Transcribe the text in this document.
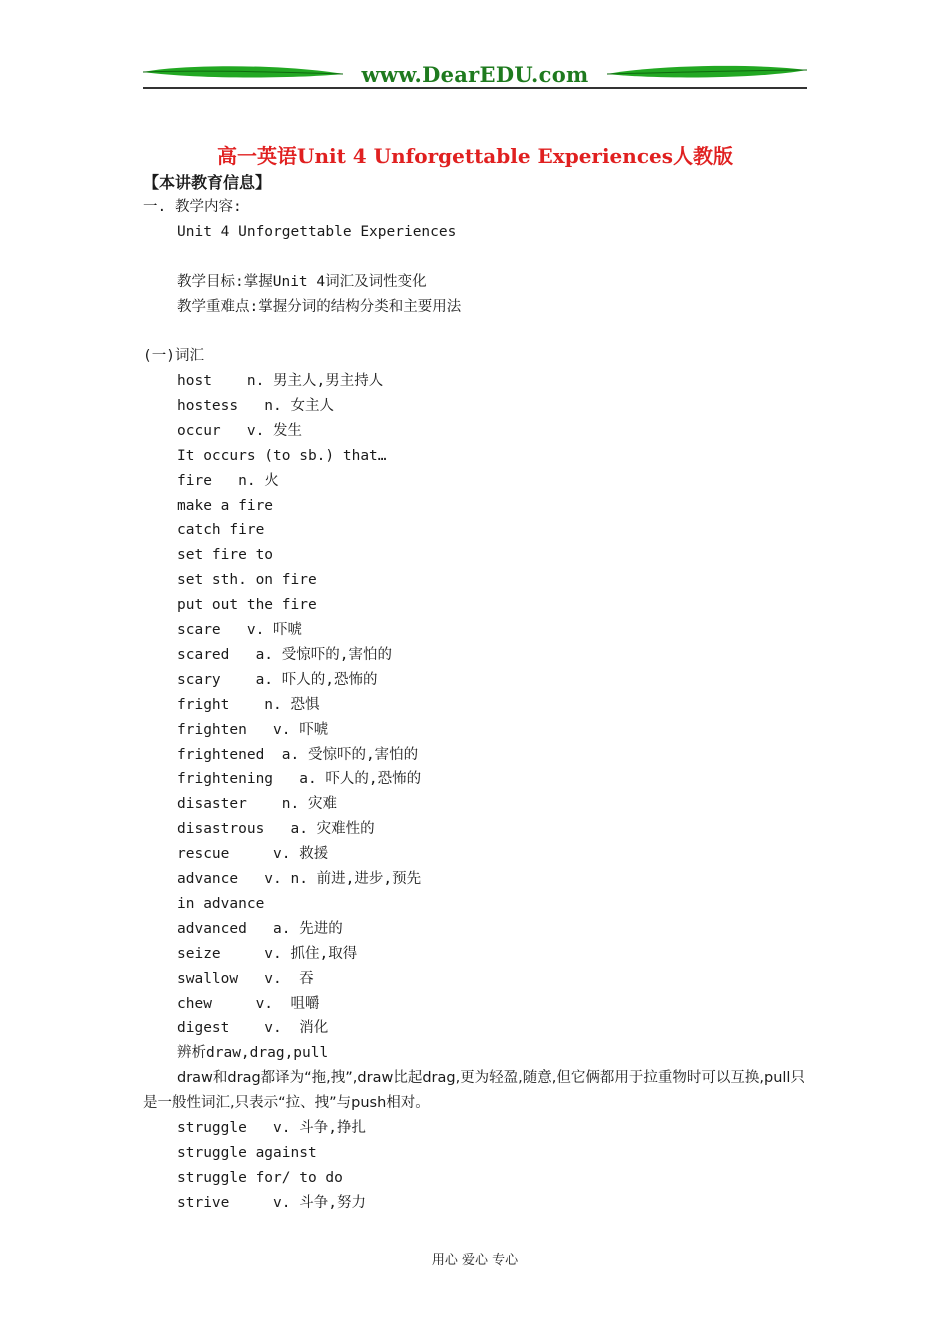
www.DearEDU.com
高一英语Unit 4 Unforgettable Experiences人教版
【本讲教育信息】
一. 教学内容:
Unit 4 Unforgettable Experiences
教学目标:掌握Unit 4词汇及词性变化
教学重难点:掌握分词的结构分类和主要用法
(一)词汇
host    n. 男主人,男主持人
hostess   n. 女主人
occur   v. 发生
It occurs (to sb.) that…
fire   n. 火
make a fire
catch fire
set fire to
set sth. on fire
put out the fire
scare   v. 吓唬
scared   a. 受惊吓的,害怕的
scary    a. 吓人的,恐怖的
fright    n. 恐惧
frighten   v. 吓唬
frightened  a. 受惊吓的,害怕的
frightening   a. 吓人的,恐怖的
disaster    n. 灾难
disastrous   a. 灾难性的
rescue     v. 救援
advance   v. n. 前进,进步,预先
in advance
advanced   a. 先进的
seize     v. 抓住,取得
swallow   v.  吞
chew     v.  咀嚼
digest    v.  消化
辨析draw,drag,pull
draw和drag都译为“拖,拽”,draw比起drag,更为轻盈,随意,但它俩都用于拉重物时可以互换,pull只是一般性词汇,只表示“拉、拽”与push相对。
struggle   v. 斗争,挣扎
struggle against
struggle for/ to do
strive     v. 斗争,努力
用心 爱心 专心
